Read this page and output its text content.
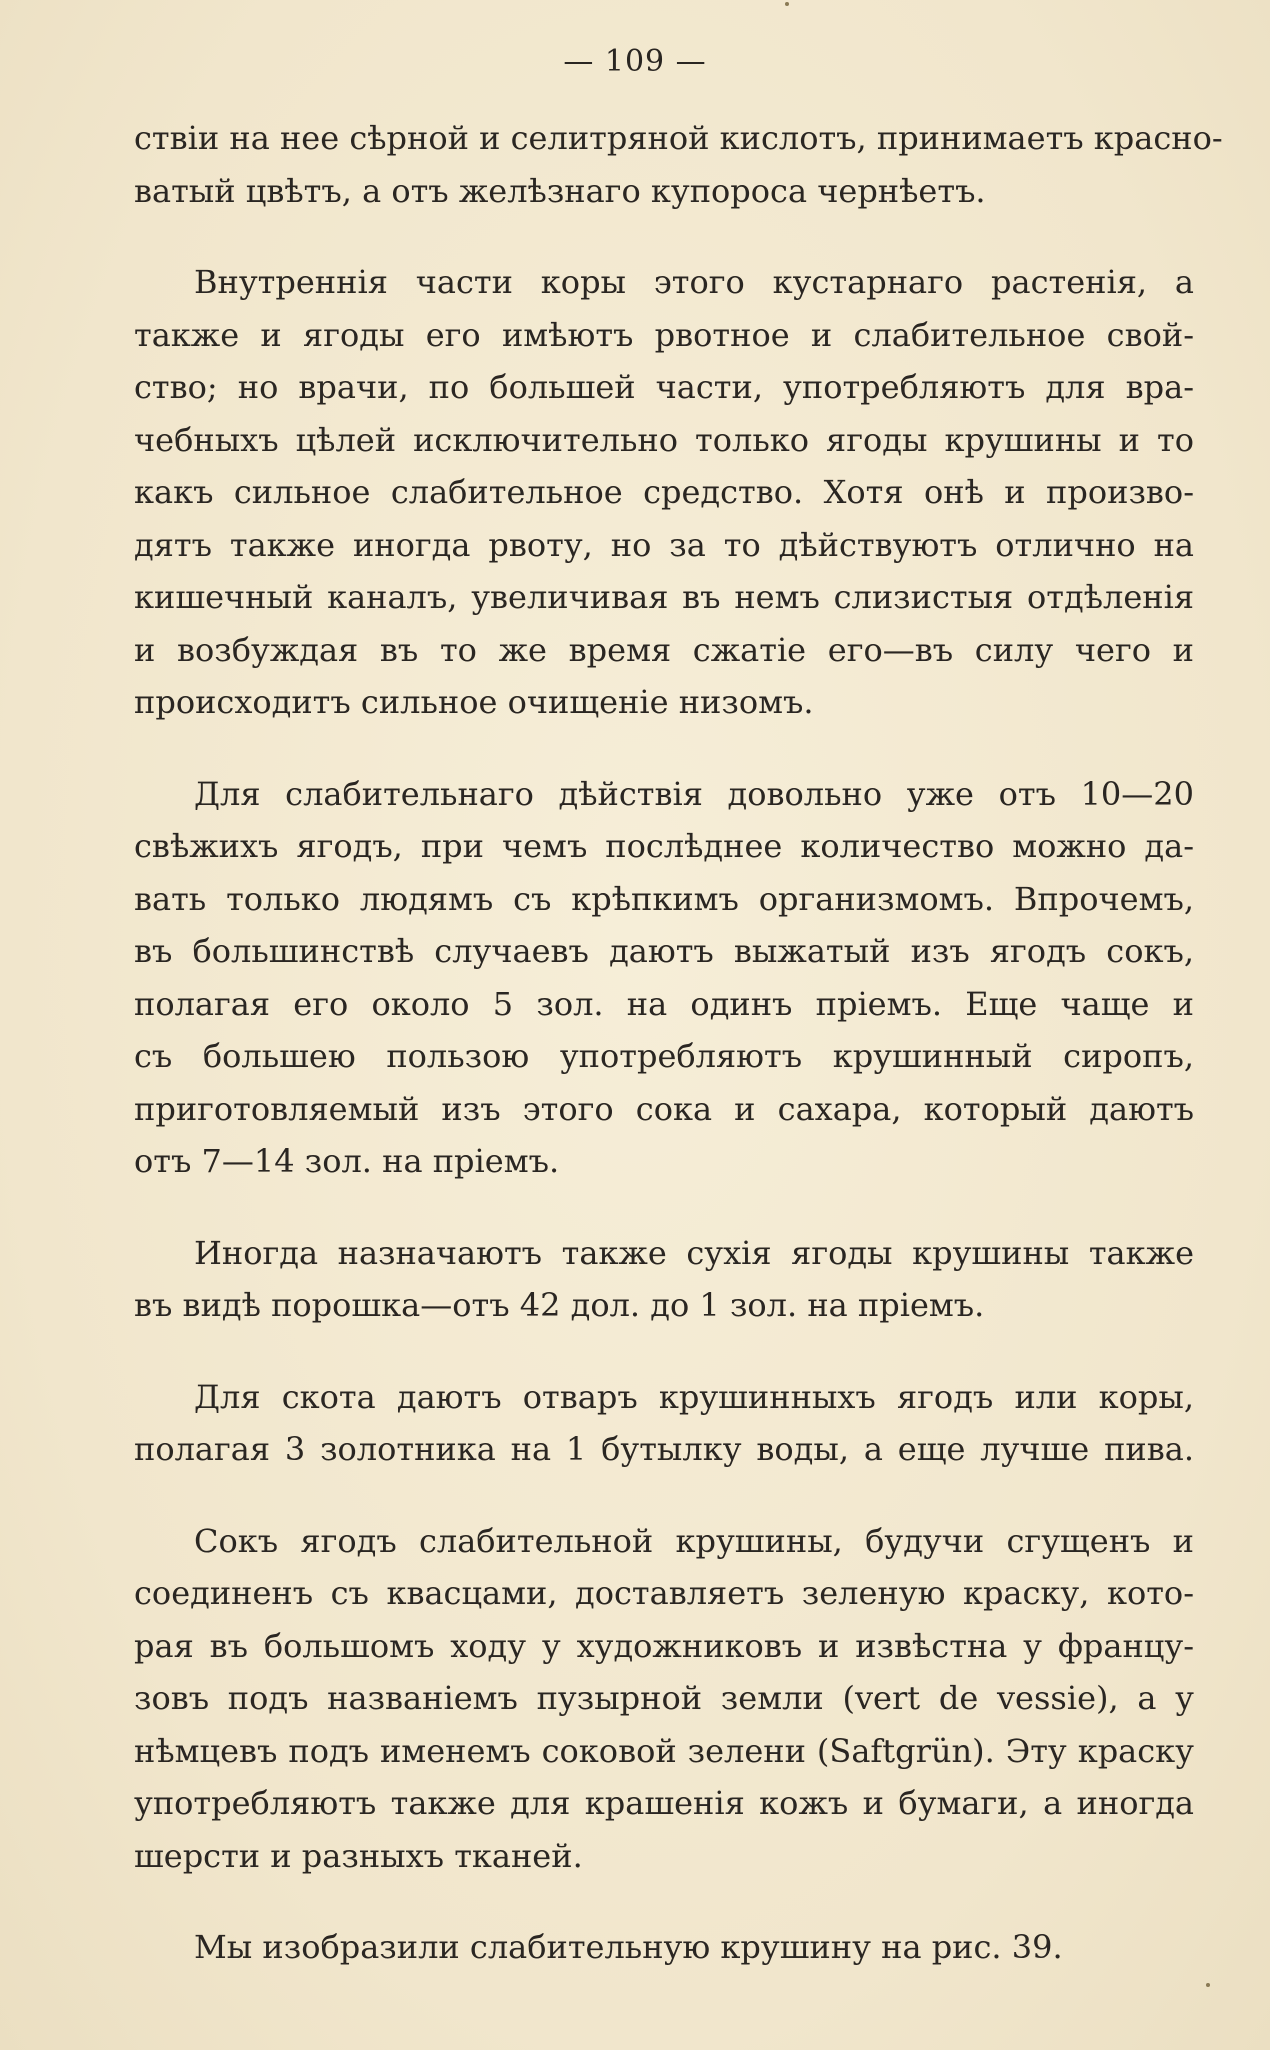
— 109 —

ствіи на нее сѣрной и селитряной кислотъ, принимаетъ красно-
ватый цвѣтъ, а отъ желѣзнаго купороса чернѣетъ.

Внутреннія части коры этого кустарнаго растенія, а
также и ягоды его имѣютъ рвотное и слабительное свой-
ство; но врачи, по большей части, употребляютъ для вра-
чебныхъ цѣлей исключительно только ягоды крушины и то
какъ сильное слабительное средство. Хотя онѣ и произво-
дятъ также иногда рвоту, но за то дѣйствуютъ отлично на
кишечный каналъ, увеличивая въ немъ слизистыя отдѣленія
и возбуждая въ то же время сжатіе его—въ силу чего и
происходитъ сильное очищеніе низомъ.

Для слабительнаго дѣйствія довольно уже отъ 10—20
свѣжихъ ягодъ, при чемъ послѣднее количество можно да-
вать только людямъ съ крѣпкимъ организмомъ. Впрочемъ,
въ большинствѣ случаевъ даютъ выжатый изъ ягодъ сокъ,
полагая его около 5 зол. на одинъ пріемъ. Еще чаще и
съ большею пользою употребляютъ крушинный сиропъ,
приготовляемый изъ этого сока и сахара, который даютъ
отъ 7—14 зол. на пріемъ.

Иногда назначаютъ также сухія ягоды крушины также
въ видѣ порошка—отъ 42 дол. до 1 зол. на пріемъ.

Для скота даютъ отваръ крушинныхъ ягодъ или коры,
полагая 3 золотника на 1 бутылку воды, а еще лучше пива.

Сокъ ягодъ слабительной крушины, будучи сгущенъ и
соединенъ съ квасцами, доставляетъ зеленую краску, кото-
рая въ большомъ ходу у художниковъ и извѣстна у францу-
зовъ подъ названіемъ пузырной земли (vert de vessie), а у
нѣмцевъ подъ именемъ соковой зелени (Saftgrün). Эту краску
употребляютъ также для крашенія кожъ и бумаги, а иногда
шерсти и разныхъ тканей.

Мы изобразили слабительную крушину на рис. 39.
